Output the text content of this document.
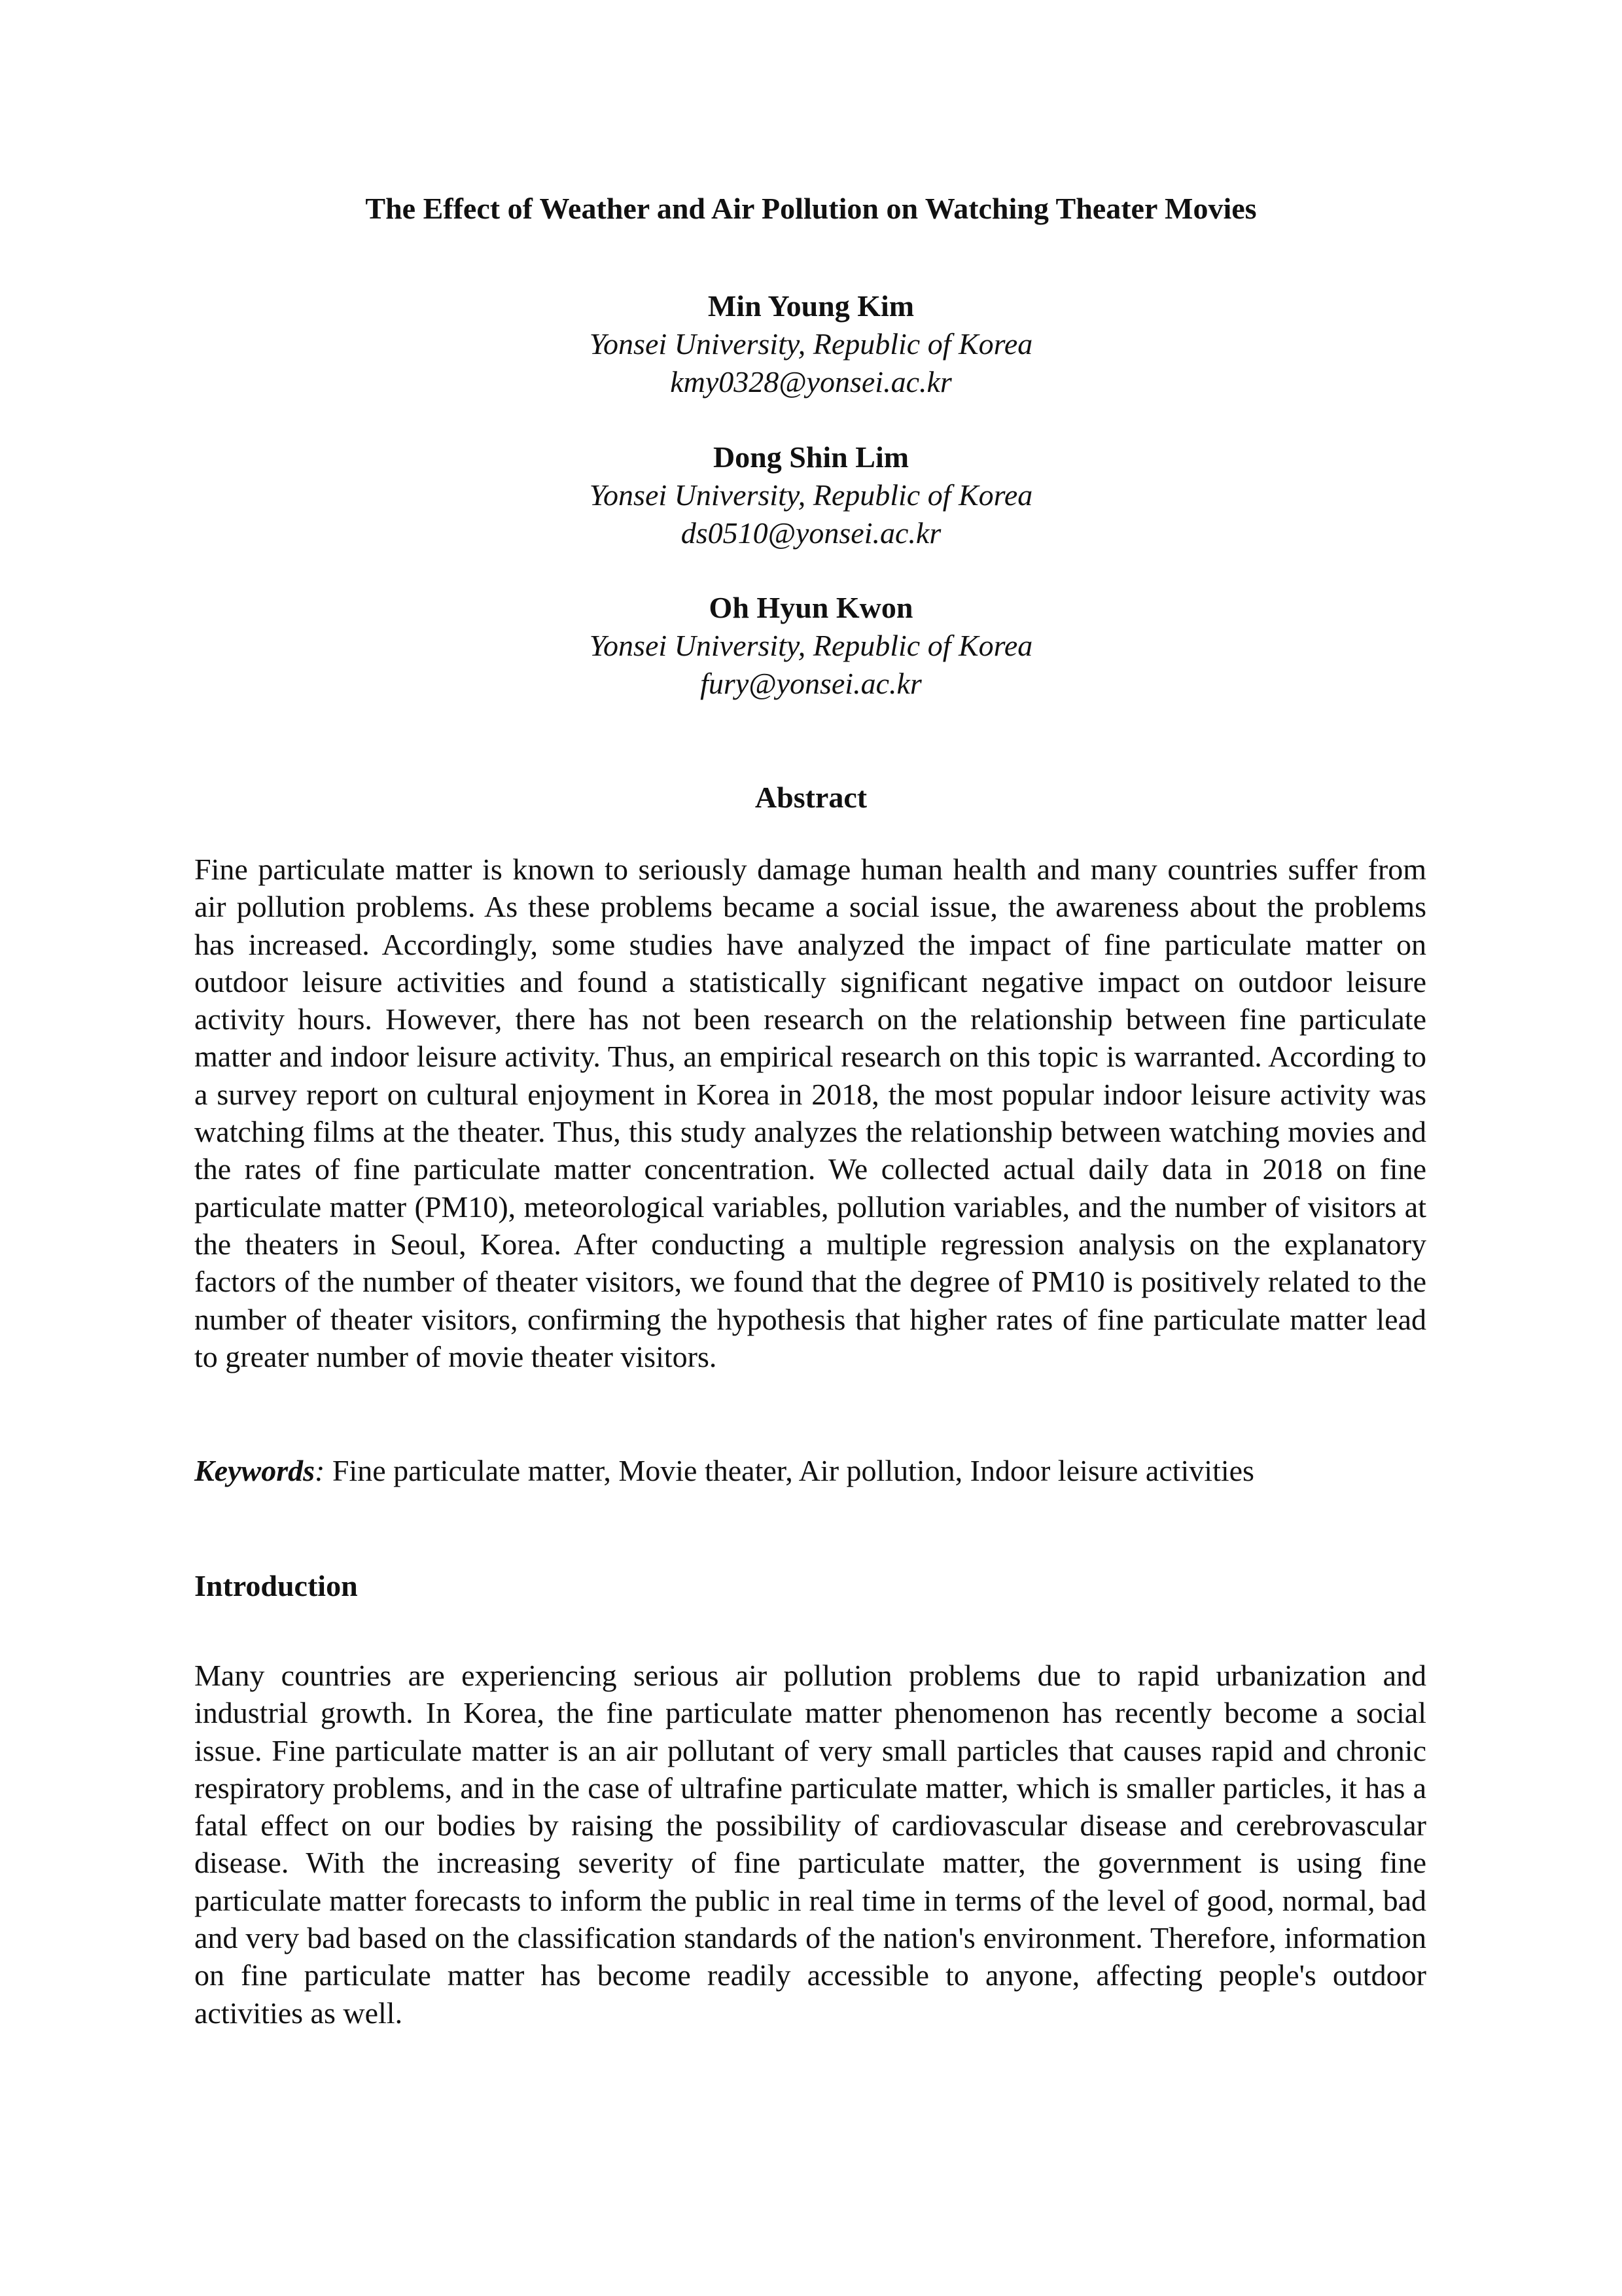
The Effect of Weather and Air Pollution on Watching Theater Movies
Min Young Kim
Yonsei University, Republic of Korea
kmy0328@yonsei.ac.kr
Dong Shin Lim
Yonsei University, Republic of Korea
ds0510@yonsei.ac.kr
Oh Hyun Kwon
Yonsei University, Republic of Korea
fury@yonsei.ac.kr
Abstract

Fine particulate matter is known to seriously damage human health and many countries suffer from air pollution problems. As these problems became a social issue, the awareness about the problems has increased. Accordingly, some studies have analyzed the impact of fine particulate matter on outdoor leisure activities and found a statistically significant negative impact on outdoor leisure activity hours. However, there has not been research on the relationship between fine particulate matter and indoor leisure activity. Thus, an empirical research on this topic is warranted. According to a survey report on cultural enjoyment in Korea in 2018, the most popular indoor leisure activity was watching films at the theater. Thus, this study analyzes the relationship between watching movies and the rates of fine particulate matter concentration. We collected actual daily data in 2018 on fine particulate matter (PM10), meteorological variables, pollution variables, and the number of visitors at the theaters in Seoul, Korea. After conducting a multiple regression analysis on the explanatory factors of the number of theater visitors, we found that the degree of PM10 is positively related to the number of theater visitors, confirming the hypothesis that higher rates of fine particulate matter lead to greater number of movie theater visitors.

Keywords: Fine particulate matter, Movie theater, Air pollution, Indoor leisure activities

Introduction

Many countries are experiencing serious air pollution problems due to rapid urbanization and industrial growth. In Korea, the fine particulate matter phenomenon has recently become a social issue. Fine particulate matter is an air pollutant of very small particles that causes rapid and chronic respiratory problems, and in the case of ultrafine particulate matter, which is smaller particles, it has a fatal effect on our bodies by raising the possibility of cardiovascular disease and cerebrovascular disease. With the increasing severity of fine particulate matter, the government is using fine particulate matter forecasts to inform the public in real time in terms of the level of good, normal, bad and very bad based on the classification standards of the nation's environment. Therefore, information on fine particulate matter has become readily accessible to anyone, affecting people's outdoor activities as well.
